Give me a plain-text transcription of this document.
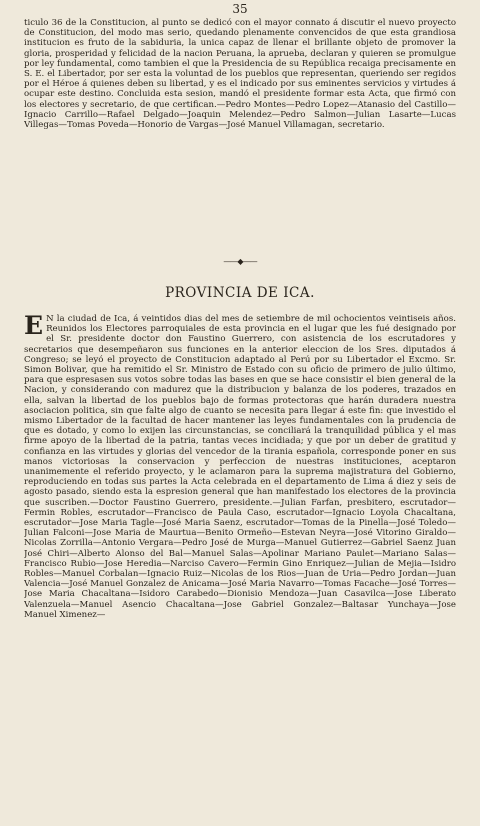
35

ticulo 36 de la Constitucion, al punto se dedicó con el mayor connato á discutir el nuevo proyecto de Constitucion, del modo mas serio, quedando plenamente convencidos de que esta grandiosa institucion es fruto de la sabiduria, la unica capaz de llenar el brillante objeto de promover la gloria, prosperidad y felicidad de la nacion Peruana, la aprueba, declaran y quieren se promulgue por ley fundamental, como tambien el que la Presidencia de su República recaiga precisamente en S. E. el Libertador, por ser esta la voluntad de los pueblos que representan, queriendo ser regidos por el Héroe á quienes deben su libertad, y es el indicado por sus eminentes servicios y virtudes á ocupar este destino. Concluida esta sesion, mandó el presidente formar esta Acta, que firmó con los electores y secretario, de que certifican.—Pedro Montes—Pedro Lopez—Atanasio del Castillo—Ignacio Carrillo—Rafael Delgado—Joaquin Melendez—Pedro Salmon—Julian Lasarte—Lucas Villegas—Tomas Poveda—Honorio de Vargas—José Manuel Villamagan, secretario.

——◆——
PROVINCIA DE ICA.

E N la ciudad de Ica, á veintidos dias del mes de setiembre de mil ochocientos veintiseis años. Reunidos los Electores parroquiales de esta provincia en el lugar que les fué designado por el Sr. presidente doctor don Faustino Guerrero, con asistencia de los escrutadores y secretarios que desempeñaron sus funciones en la anterior eleccion de los Sres. diputados á Congreso; se leyó el proyecto de Constitucion adaptado al Perú por su Libertador el Excmo. Sr. Simon Bolivar, que ha remitido el Sr. Ministro de Estado con su oficio de primero de julio último, para que espresasen sus votos sobre todas las bases en que se hace consistir el bien general de la Nacion, y considerando con madurez que la distribucion y balanza de los poderes, trazados en ella, salvan la libertad de los pueblos bajo de formas protectoras que harán duradera nuestra asociacion politica, sin que falte algo de cuanto se necesita para llegar á este fin: que investido el mismo Libertador de la facultad de hacer mantener las leyes fundamentales con la prudencia de que es dotado, y como lo exijen las circunstancias, se conciliará la tranquilidad pública y el mas firme apoyo de la libertad de la patria, tantas veces incidiada; y que por un deber de gratitud y confianza en las virtudes y glorias del vencedor de la tirania española, corresponde poner en sus manos victoriosas la conservacion y perfeccion de nuestras instituciones, aceptaron unanimemente el referido proyecto, y le aclamaron para la suprema majistratura del Gobierno, reproduciendo en todas sus partes la Acta celebrada en el departamento de Lima á diez y seis de agosto pasado, siendo esta la espresion general que han manifestado los electores de la provincia que suscriben.—Doctor Faustino Guerrero, presidente.—Julian Farfan, presbitero, escrutador—Fermin Robles, escrutador—Francisco de Paula Caso, escrutador—Ignacio Loyola Chacaltana, escrutador—Jose Maria Tagle—José Maria Saenz, escrutador—Tomas de la Pinella—José Toledo—Julian Falconi—Jose Maria de Maurtua—Benito Ormeño—Estevan Neyra—José Vitorino Giraldo—Nicolas Zorrilla—Antonio Vergara—Pedro José de Murga—Manuel Gutierrez—Gabriel Saenz Juan José Chiri—Alberto Alonso del Bal—Manuel Salas—Apolinar Mariano Paulet—Mariano Salas—Francisco Rubio—Jose Heredia—Narciso Cavero—Fermin Gino Enriquez—Julian de Mejia—Isidro Robles—Manuel Corbalan—Ignacio Ruiz—Nicolas de los Rios—Juan de Uria—Pedro Jordan—Juan Valencia—José Manuel Gonzalez de Anicama—José Maria Navarro—Tomas Facache—José Torres—Jose Maria Chacaltana—Isidoro Carabedo—Dionisio Mendoza—Juan Casavilca—Jose Liberato Valenzuela—Manuel Asencio Chacaltana—Jose Gabriel Gonzalez—Baltasar Yunchaya—Jose Manuel Ximenez—
